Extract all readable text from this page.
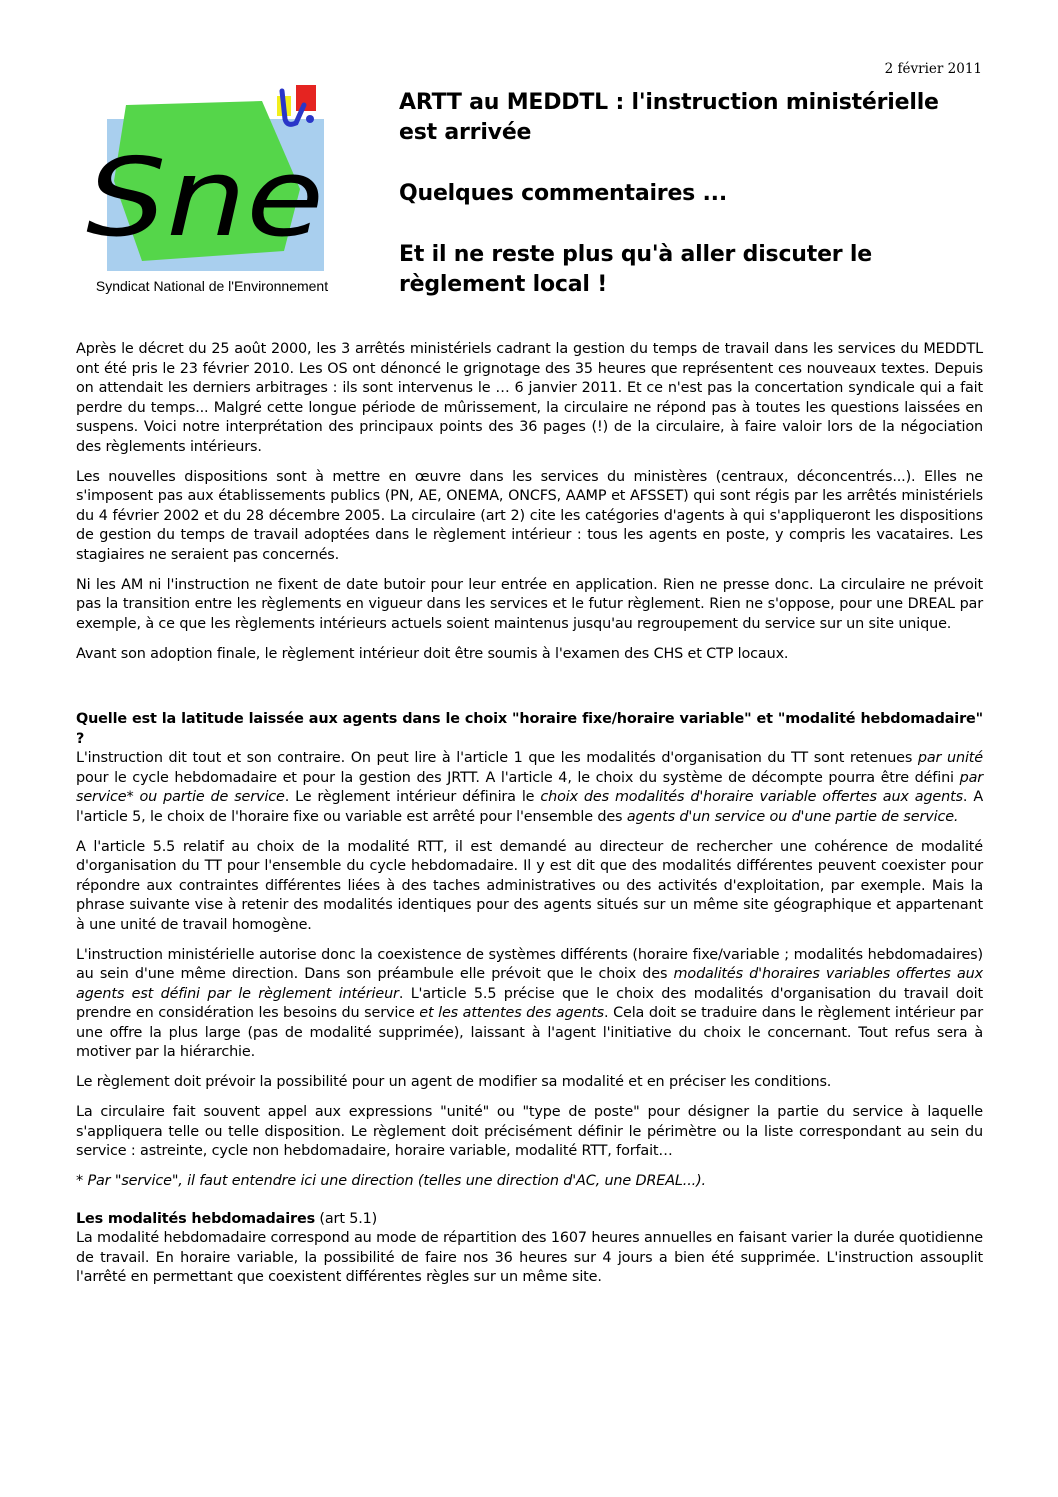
2 février 2011
Sne
Syndicat National de l'Environnement
ARTT au MEDDTL : l'instruction ministérielle
est arrivée
Quelques commentaires ...
Et il ne reste plus qu'à aller discuter le
règlement local !

Après le décret du 25 août 2000, les 3 arrêtés ministériels cadrant la gestion du temps de travail dans les services du MEDDTL ont été pris le 23 février 2010. Les OS ont dénoncé le grignotage des 35 heures que représentent ces nouveaux textes. Depuis on attendait les derniers arbitrages : ils sont intervenus le … 6 janvier 2011. Et ce n'est pas la concertation syndicale qui a fait perdre du temps... Malgré cette longue période de mûrissement, la circulaire ne répond pas à toutes les questions laissées en suspens. Voici notre interprétation des principaux points des 36 pages (!) de la circulaire, à faire valoir lors de la négociation des règlements intérieurs.

Les nouvelles dispositions sont à mettre en œuvre dans les services du ministères (centraux, déconcentrés...). Elles ne s'imposent pas aux établissements publics (PN, AE, ONEMA, ONCFS, AAMP et AFSSET) qui sont régis par les arrêtés ministériels du 4 février 2002 et du 28 décembre 2005. La circulaire (art 2) cite les catégories d'agents à qui s'appliqueront les dispositions de gestion du temps de travail adoptées dans le règlement intérieur : tous les agents en poste, y compris les vacataires. Les stagiaires ne seraient pas concernés.

Ni les AM ni l'instruction ne fixent de date butoir pour leur entrée en application. Rien ne presse donc. La circulaire ne prévoit pas la transition entre les règlements en vigueur dans les services et le futur règlement. Rien ne s'oppose, pour une DREAL par exemple, à ce que les règlements intérieurs actuels soient maintenus jusqu'au regroupement du service sur un site unique.

Avant son adoption finale, le règlement intérieur doit être soumis à l'examen des CHS et CTP locaux.

Quelle est la latitude laissée aux agents dans le choix "horaire fixe/horaire variable" et "modalité hebdomadaire" ?

L'instruction dit tout et son contraire. On peut lire à l'article 1 que les modalités d'organisation du TT sont retenues par unité pour le cycle hebdomadaire et pour la gestion des JRTT. A l'article 4, le choix du système de décompte pourra être défini par service* ou partie de service. Le règlement intérieur définira le choix des modalités d'horaire variable offertes aux agents. A l'article 5, le choix de l'horaire fixe ou variable est arrêté pour l'ensemble des agents d'un service ou d'une partie de service.

A l'article 5.5 relatif au choix de la modalité RTT, il est demandé au directeur de rechercher une cohérence de modalité d'organisation du TT pour l'ensemble du cycle hebdomadaire. Il y est dit que des modalités différentes peuvent coexister pour répondre aux contraintes différentes liées à des taches administratives ou des activités d'exploitation, par exemple. Mais la phrase suivante vise à retenir des modalités identiques pour des agents situés sur un même site géographique et appartenant à une unité de travail homogène.

L'instruction ministérielle autorise donc la coexistence de systèmes différents (horaire fixe/variable ; modalités hebdomadaires) au sein d'une même direction. Dans son préambule elle prévoit que le choix des modalités d'horaires variables offertes aux agents est défini par le règlement intérieur. L'article 5.5 précise que le choix des modalités d'organisation du travail doit prendre en considération les besoins du service et les attentes des agents. Cela doit se traduire dans le règlement intérieur par une offre la plus large (pas de modalité supprimée), laissant à l'agent l'initiative du choix le concernant. Tout refus sera à motiver par la hiérarchie.

Le règlement doit prévoir la possibilité pour un agent de modifier sa modalité et en préciser les conditions.

La circulaire fait souvent appel aux expressions "unité" ou "type de poste" pour désigner la partie du service à laquelle s'appliquera telle ou telle disposition. Le règlement doit précisément définir le périmètre ou la liste correspondant au sein du service : astreinte, cycle non hebdomadaire, horaire variable, modalité RTT, forfait…

* Par "service", il faut entendre ici une direction (telles une direction d'AC, une DREAL...).

Les modalités hebdomadaires (art 5.1)

La modalité hebdomadaire correspond au mode de répartition des 1607 heures annuelles en faisant varier la durée quotidienne de travail. En horaire variable, la possibilité de faire nos 36 heures sur 4 jours a bien été supprimée. L'instruction assouplit l'arrêté en permettant que coexistent différentes règles sur un même site.
